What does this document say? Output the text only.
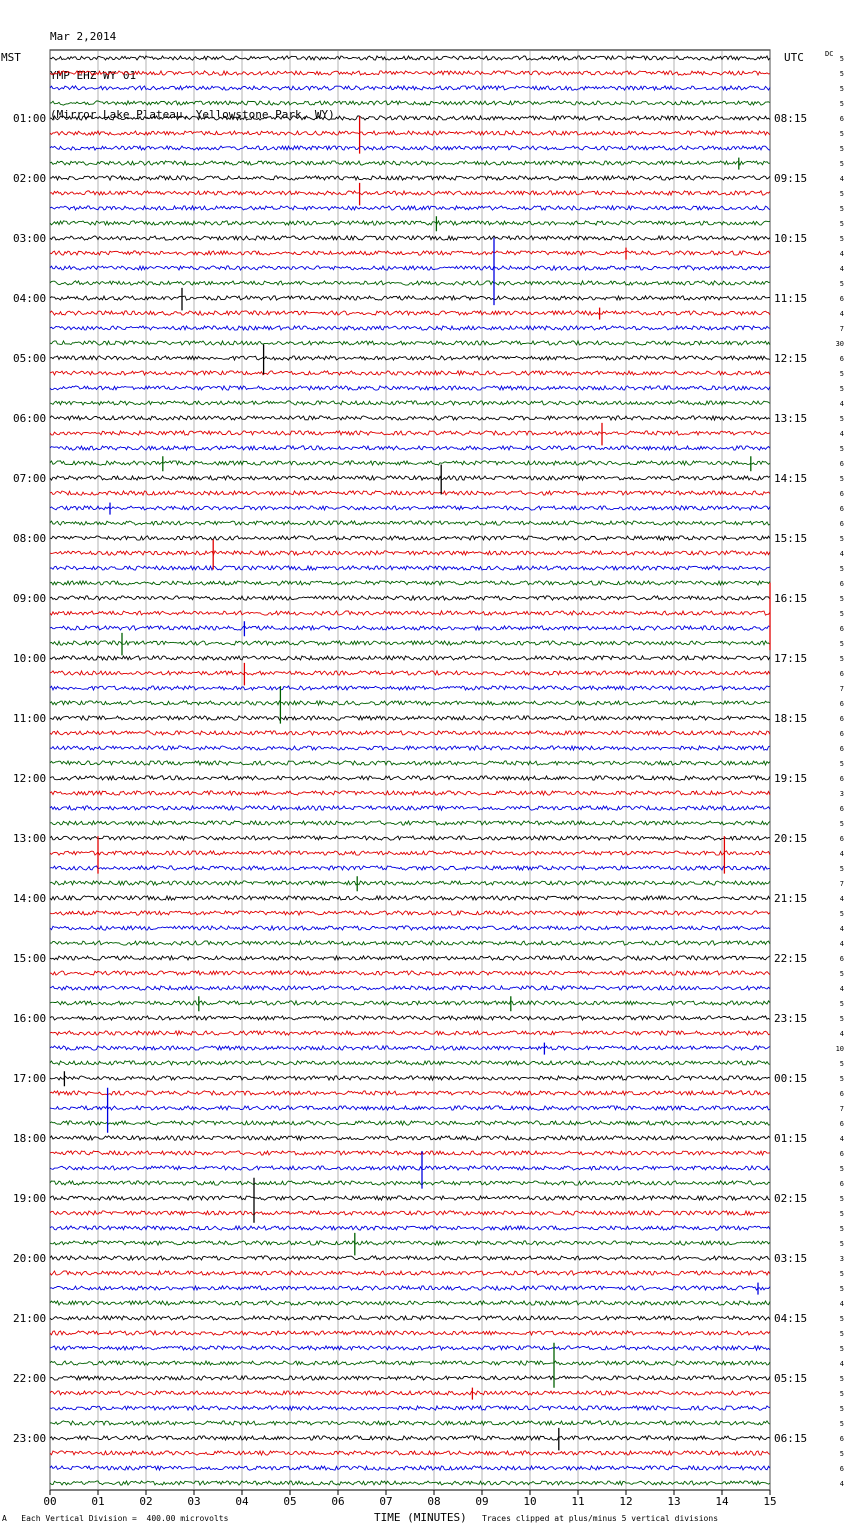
Mar 2,2014

YMP EHZ WY 01

(Mirror Lake Plateau, Yellowstone Park, WY)

MST	UTC	DC
00	01	02	03	04	05	06	07	08	09	10	11	12	13	14	15
01:00
02:00
03:00
04:00
05:00
06:00
07:00
08:00
09:00
10:00
11:00
12:00
13:00
14:00
15:00
16:00
17:00
18:00
19:00
20:00
21:00
22:00
23:00
08:15
09:15
10:15
11:15
12:15
13:15
14:15
15:15
16:15
17:15
18:15
19:15
20:15
21:15
22:15
23:15
00:15
01:15
02:15
03:15
04:15
05:15
06:15
5
5
5
5
6
5
5
5
4
5
5
5
5
4
4
5
6
4
7
30
6
5
5
4
5
4
5
6
5
6
6
6
5
4
5
6
5
5
6
5
5
6
7
6
6
6
6
5
6
3
6
5
6
4
5
7
4
5
4
4
6
5
4
5
5
4
10
5
5
6
7
6
4
6
5
6
5
5
5
5
3
5
5
4
5
5
5
4
5
5
5
5
6
5
6
4
A Each Vertical Division =  400.00 microvolts	TIME (MINUTES) Traces clipped at plus/minus 5 vertical divisions
